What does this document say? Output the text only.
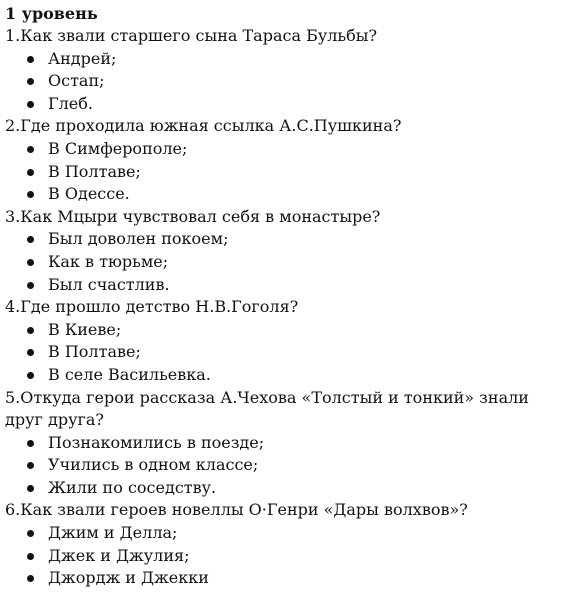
1 уровень
1.Как звали старшего сына Тараса Бульбы?
Андрей;
Остап;
Глеб.
2.Где проходила южная ссылка А.С.Пушкина?
В Симферополе;
В Полтаве;
В Одессе.
3.Как Мцыри чувствовал себя в монастыре?
Был доволен покоем;
Как в тюрьме;
Был счастлив.
4.Где прошло детство Н.В.Гоголя?
В Киеве;
В Полтаве;
В селе Васильевка.
5.Откуда герои рассказа А.Чехова «Толстый и тонкий» знали друг друга?
Познакомились в поезде;
Учились в одном классе;
Жили по соседству.
6.Как звали героев новеллы О·Генри «Дары волхвов»?
Джим и Делла;
Джек и Джулия;
Джордж и Джекки
